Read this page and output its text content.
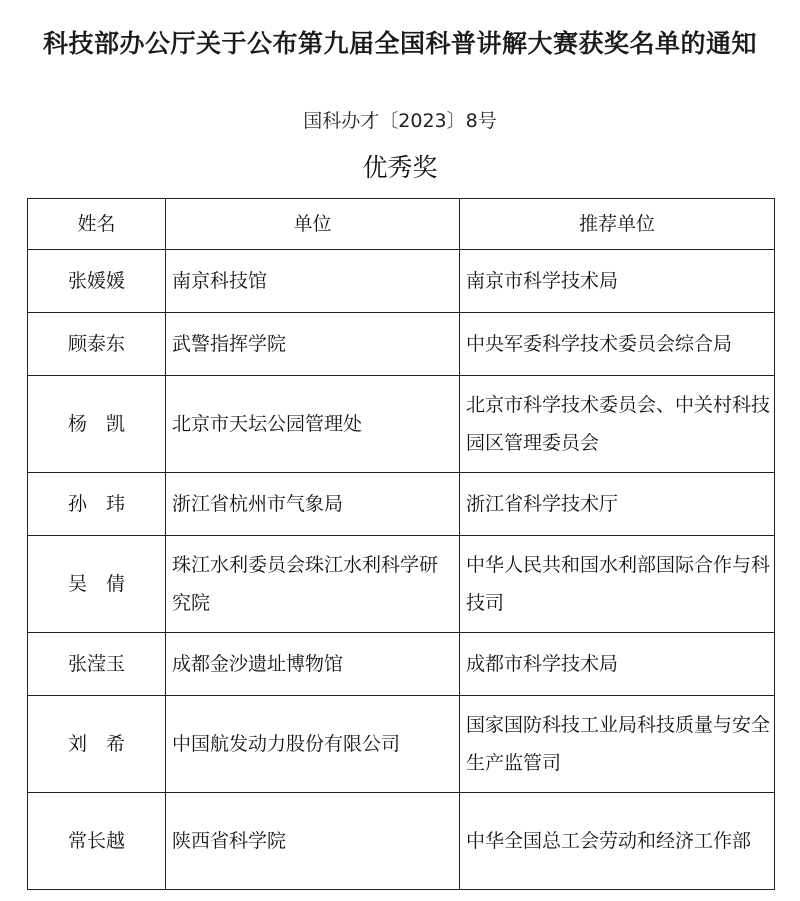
科技部办公厅关于公布第九届全国科普讲解大赛获奖名单的通知
国科办才〔2023〕8号
优秀奖
姓名	单位	推荐单位
张媛媛	南京科技馆	南京市科学技术局
顾泰东	武警指挥学院	中央军委科学技术委员会综合局
杨　凯	北京市天坛公园管理处	北京市科学技术委员会、中关村科技园区管理委员会
孙　玮	浙江省杭州市气象局	浙江省科学技术厅
吴　倩	珠江水利委员会珠江水利科学研究院	中华人民共和国水利部国际合作与科技司
张滢玉	成都金沙遗址博物馆	成都市科学技术局
刘　希	中国航发动力股份有限公司	国家国防科技工业局科技质量与安全生产监管司
常长越	陕西省科学院	中华全国总工会劳动和经济工作部
